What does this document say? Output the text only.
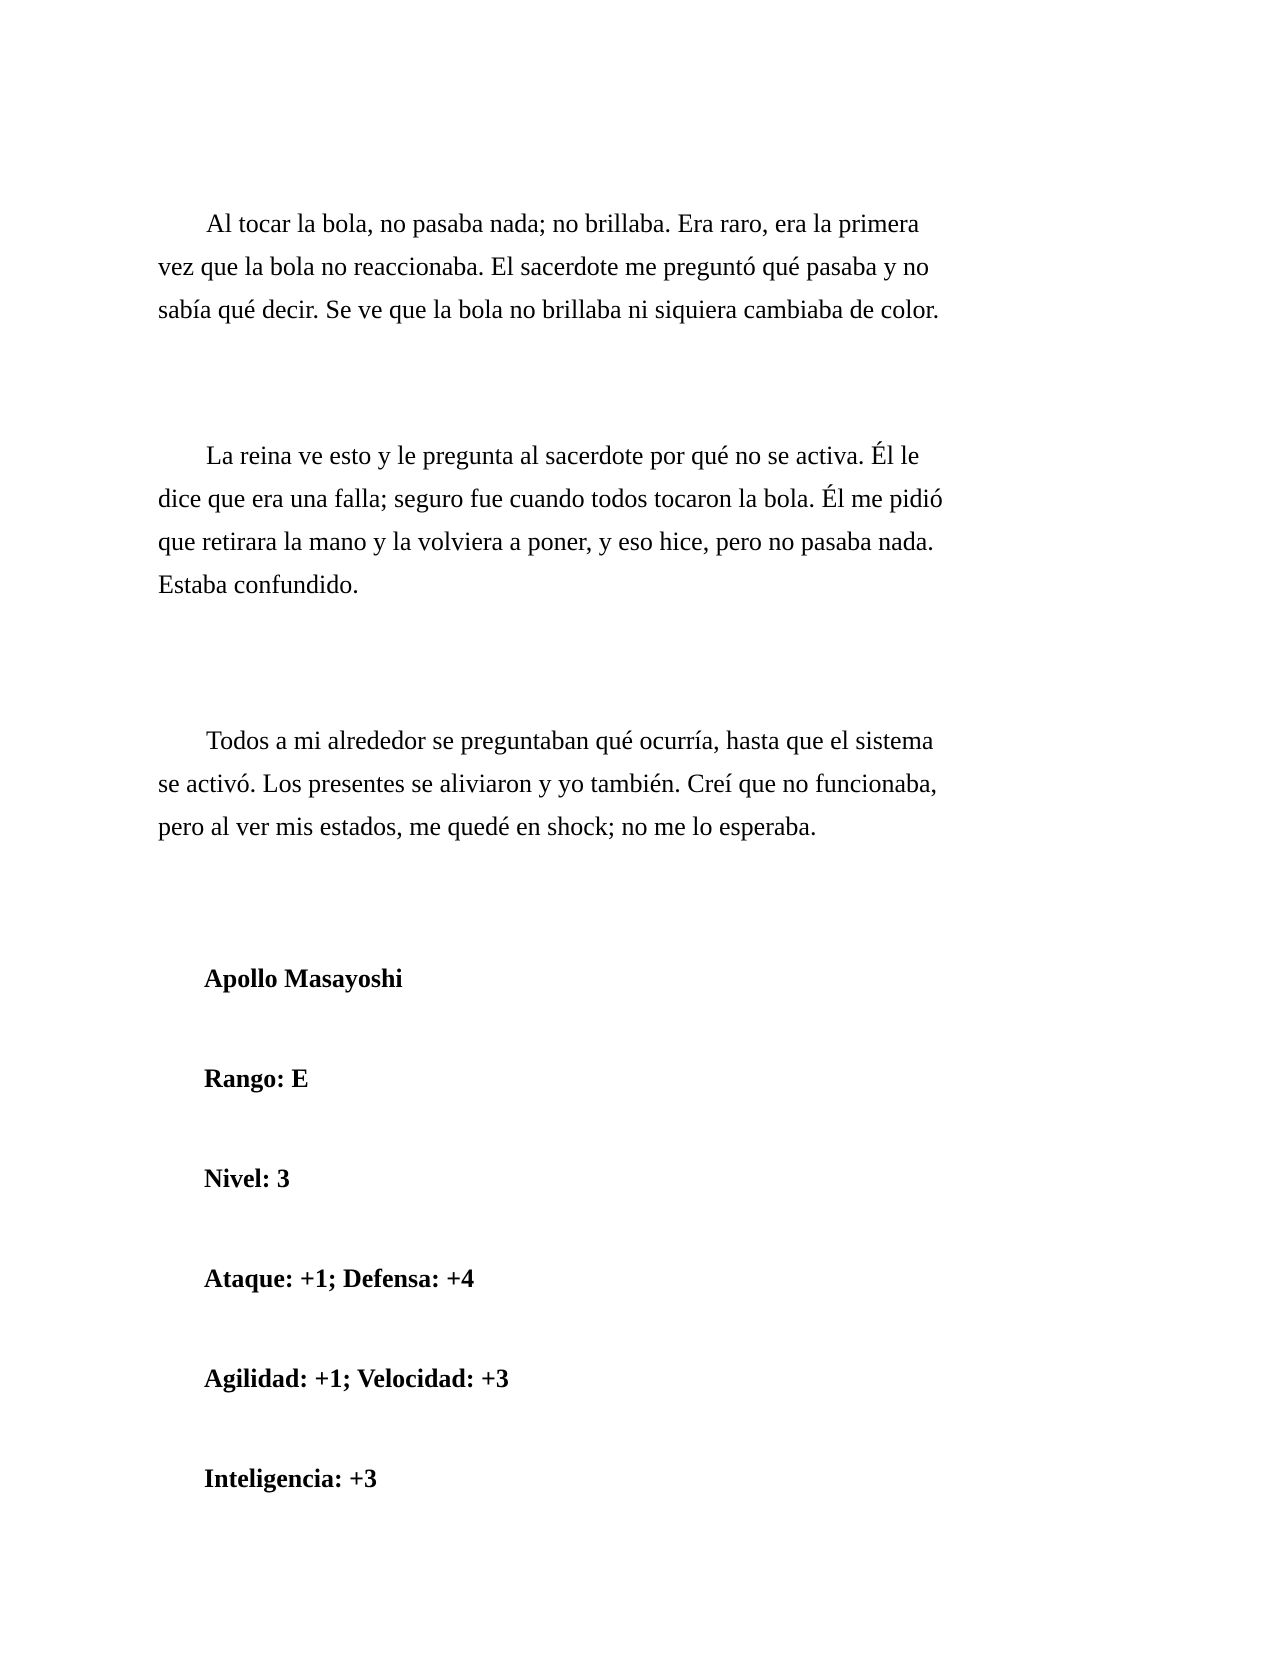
Al tocar la bola, no pasaba nada; no brillaba. Era raro, era la primera
vez que la bola no reaccionaba. El sacerdote me preguntó qué pasaba y no
sabía qué decir. Se ve que la bola no brillaba ni siquiera cambiaba de color.
La reina ve esto y le pregunta al sacerdote por qué no se activa. Él le
dice que era una falla; seguro fue cuando todos tocaron la bola. Él me pidió
que retirara la mano y la volviera a poner, y eso hice, pero no pasaba nada.
Estaba confundido.
Todos a mi alrededor se preguntaban qué ocurría, hasta que el sistema
se activó. Los presentes se aliviaron y yo también. Creí que no funcionaba,
pero al ver mis estados, me quedé en shock; no me lo esperaba.
Apollo Masayoshi
Rango: E
Nivel: 3
Ataque: +1; Defensa: +4
Agilidad: +1; Velocidad: +3
Inteligencia: +3
